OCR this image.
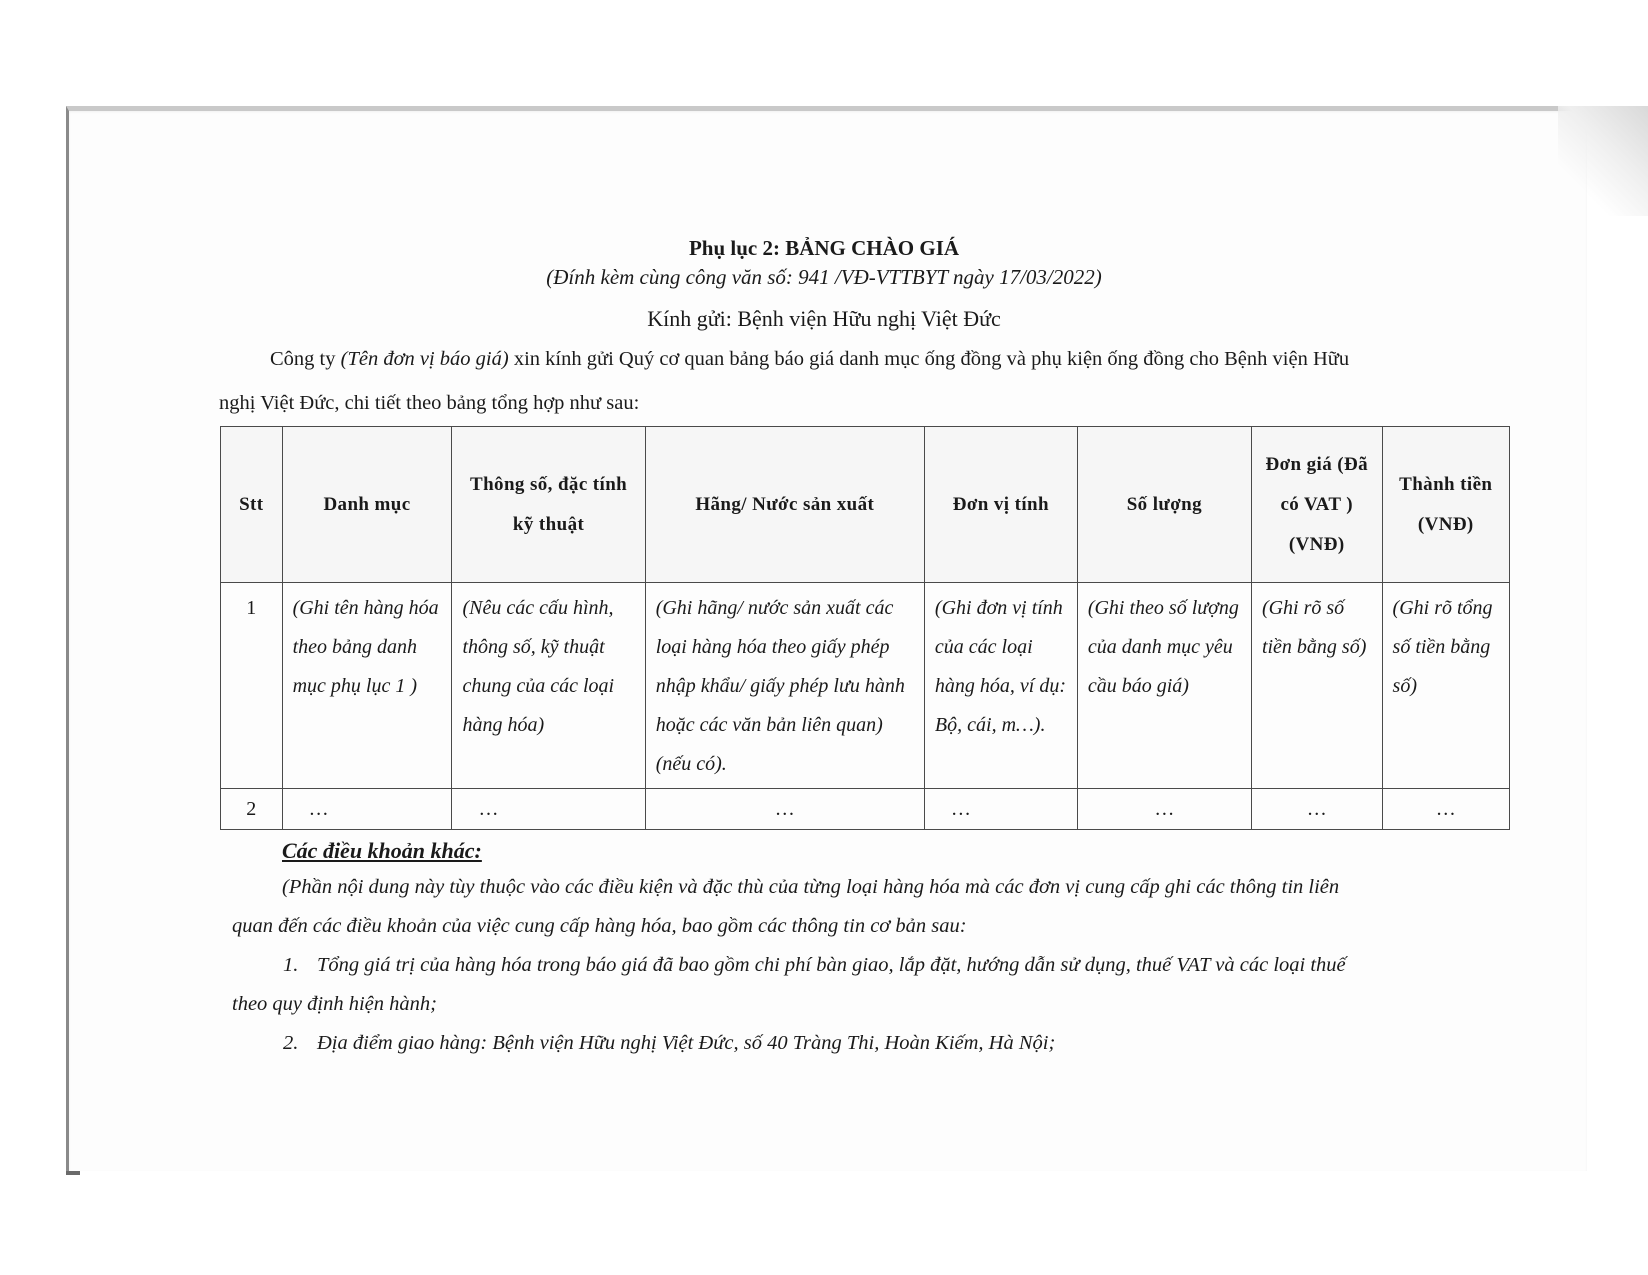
Phụ lục 2: BẢNG CHÀO GIÁ
(Đính kèm cùng công văn số: 941 /VĐ-VTTBYT ngày 17/03/2022)
Kính gửi: Bệnh viện Hữu nghị Việt Đức
Công ty (Tên đơn vị báo giá) xin kính gửi Quý cơ quan bảng báo giá danh mục ống đồng và phụ kiện ống đồng cho Bệnh viện Hữu
nghị Việt Đức, chi tiết theo bảng tổng hợp như sau:
Stt	Danh mục	Thông số, đặc tính kỹ thuật	Hãng/ Nước sản xuất	Đơn vị tính	Số lượng	Đơn giá (Đã có VAT ) (VNĐ)	Thành tiền (VNĐ)
1	(Ghi tên hàng hóa theo bảng danh mục phụ lục 1 )	(Nêu các cấu hình, thông số, kỹ thuật chung của các loại hàng hóa)	(Ghi hãng/ nước sản xuất các loại hàng hóa theo giấy phép nhập khẩu/ giấy phép lưu hành hoặc các văn bản liên quan)(nếu có).	(Ghi đơn vị tính của các loại hàng hóa, ví dụ: Bộ, cái, m…).	(Ghi theo số lượng của danh mục yêu cầu báo giá)	(Ghi rõ số tiền bằng số)	(Ghi rõ tổng số tiền bằng số)
2	…	…	…	…	…	…	…
Các điều khoản khác:
(Phần nội dung này tùy thuộc vào các điều kiện và đặc thù của từng loại hàng hóa mà các đơn vị cung cấp ghi các thông tin liên
quan đến các điều khoản của việc cung cấp hàng hóa, bao gồm các thông tin cơ bản sau:
1. Tổng giá trị của hàng hóa trong báo giá đã bao gồm chi phí bàn giao, lắp đặt, hướng dẫn sử dụng, thuế VAT và các loại thuế
theo quy định hiện hành;
2. Địa điểm giao hàng: Bệnh viện Hữu nghị Việt Đức, số 40 Tràng Thi, Hoàn Kiếm, Hà Nội;
